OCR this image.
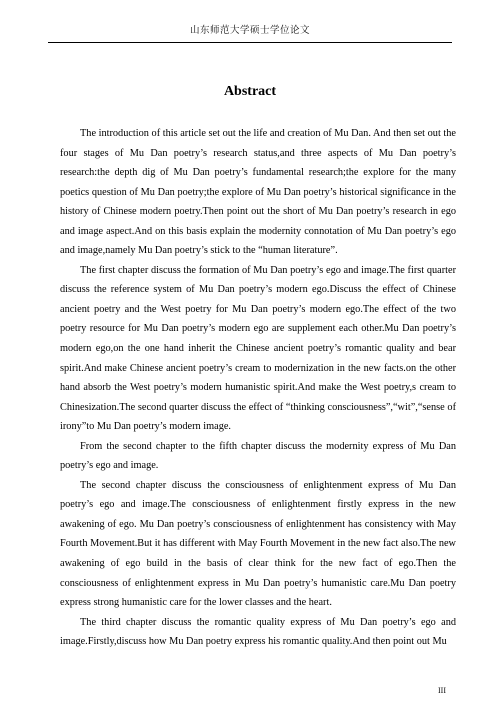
山东师范大学硕士学位论文
Abstract

The introduction of this article set out the life and creation of Mu Dan. And then set out the four stages of Mu Dan poetry’s research status,and three aspects of Mu Dan poetry’s research:the depth dig of Mu Dan poetry’s fundamental research;the explore for the many poetics question of Mu Dan poetry;the explore of Mu Dan poetry’s historical significance in the history of Chinese modern poetry.Then point out the short of Mu Dan poetry’s research in ego and image aspect.And on this basis explain the modernity connotation of Mu Dan poetry’s ego and image,namely Mu Dan poetry’s stick to the “human literature”.

The first chapter discuss the formation of Mu Dan poetry’s ego and image.The first quarter discuss the reference system of Mu Dan poetry’s modern ego.Discuss the effect of Chinese ancient poetry and the West poetry for Mu Dan poetry’s modern ego.The effect of the two poetry resource for Mu Dan poetry’s modern ego are supplement each other.Mu Dan poetry’s modern ego,on the one hand inherit the Chinese ancient poetry’s romantic quality and bear spirit.And make Chinese ancient poetry’s cream to modernization in the new facts.on the other hand absorb the West poetry’s modern humanistic spirit.And make the West poetry,s cream to Chinesization.The second quarter discuss the effect of “thinking consciousness”,“wit”,“sense of irony”to Mu Dan poetry’s modern image.

From the second chapter to the fifth chapter discuss the modernity express of Mu Dan poetry’s ego and image.

The second chapter discuss the consciousness of enlightenment express of Mu Dan poetry’s ego and image.The consciousness of enlightenment firstly express in the new awakening of ego. Mu Dan poetry’s consciousness of enlightenment has consistency with May Fourth Movement.But it has different with May Fourth Movement in the new fact also.The new awakening of ego build in the basis of clear think for the new fact of ego.Then the consciousness of enlightenment express in Mu Dan poetry’s humanistic care.Mu Dan poetry express strong humanistic care for the lower classes and the heart.

The third chapter discuss the romantic quality express of Mu Dan poetry’s ego and image.Firstly,discuss how Mu Dan poetry express his romantic quality.And then point out Mu

III
